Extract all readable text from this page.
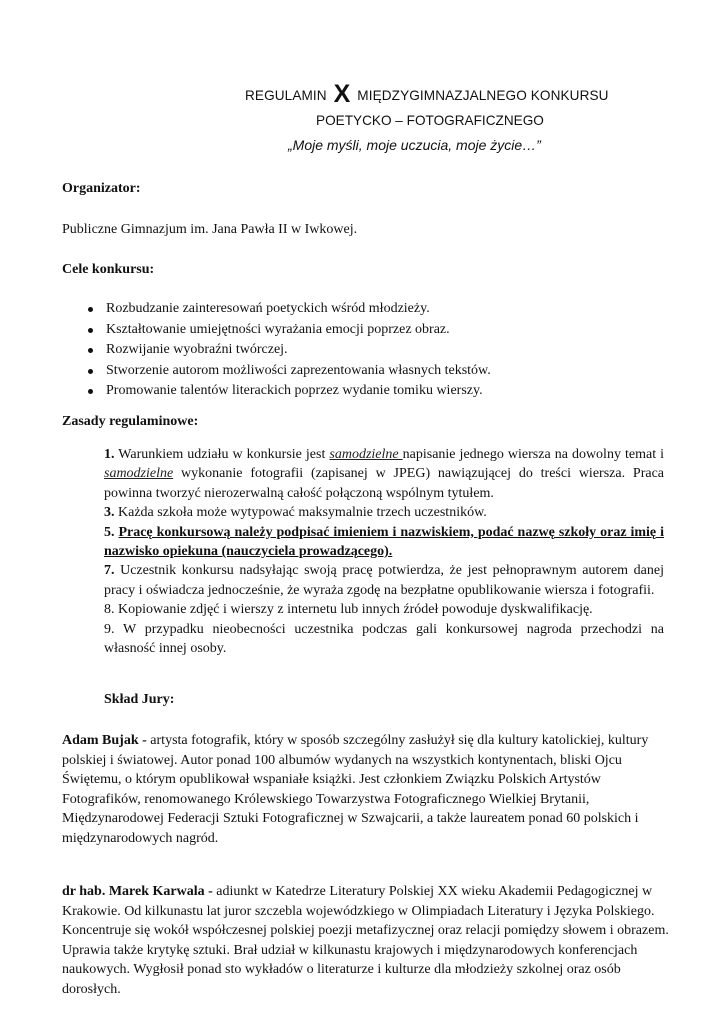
REGULAMIN X MIĘDZYGIMNAZJALNEGO KONKURSU
POETYCKO – FOTOGRAFICZNEGO
„Moje myśli, moje uczucia, moje życie…”
Organizator:
Publiczne Gimnazjum im. Jana Pawła II w Iwkowej.
Cele konkursu:
Rozbudzanie zainteresowań poetyckich wśród młodzieży.
Kształtowanie umiejętności wyrażania emocji poprzez obraz.
Rozwijanie wyobraźni twórczej.
Stworzenie autorom możliwości zaprezentowania własnych tekstów.
Promowanie talentów literackich poprzez wydanie tomiku wierszy.
Zasady regulaminowe:

1. Warunkiem udziału w konkursie jest samodzielne napisanie jednego wiersza na dowolny temat i samodzielne wykonanie fotografii (zapisanej w JPEG) nawiązującej do treści wiersza. Praca powinna tworzyć nierozerwalną całość połączoną wspólnym tytułem.

3. Każda szkoła może wytypować maksymalnie trzech uczestników.

5. Pracę konkursową należy podpisać imieniem i nazwiskiem, podać nazwę szkoły oraz imię i nazwisko opiekuna (nauczyciela prowadzącego).

7. Uczestnik konkursu nadsyłając swoją pracę potwierdza, że jest pełnoprawnym autorem danej pracy i oświadcza jednocześnie, że wyraża zgodę na bezpłatne opublikowanie wiersza i fotografii.

8. Kopiowanie zdjęć i wierszy z internetu lub innych źródeł powoduje dyskwalifikację.

9. W przypadku nieobecności uczestnika podczas gali konkursowej nagroda przechodzi na własność innej osoby.

Skład Jury:

Adam Bujak - artysta fotografik, który w sposób szczególny zasłużył się dla kultury katolickiej, kultury polskiej i światowej. Autor ponad 100 albumów wydanych na wszystkich kontynentach, bliski Ojcu Świętemu, o którym opublikował wspaniałe książki. Jest członkiem Związku Polskich Artystów Fotografików, renomowanego Królewskiego Towarzystwa Fotograficznego Wielkiej Brytanii, Międzynarodowej Federacji Sztuki Fotograficznej w Szwajcarii, a także laureatem ponad 60 polskich i międzynarodowych nagród.

dr hab. Marek Karwala - adiunkt w Katedrze Literatury Polskiej XX wieku Akademii Pedagogicznej w Krakowie. Od kilkunastu lat juror szczebla wojewódzkiego w Olimpiadach Literatury i Języka Polskiego. Koncentruje się wokół współczesnej polskiej poezji metafizycznej oraz relacji pomiędzy słowem i obrazem. Uprawia także krytykę sztuki. Brał udział w kilkunastu krajowych i międzynarodowych konferencjach naukowych. Wygłosił ponad sto wykładów o literaturze i kulturze dla młodzieży szkolnej oraz osób dorosłych.
